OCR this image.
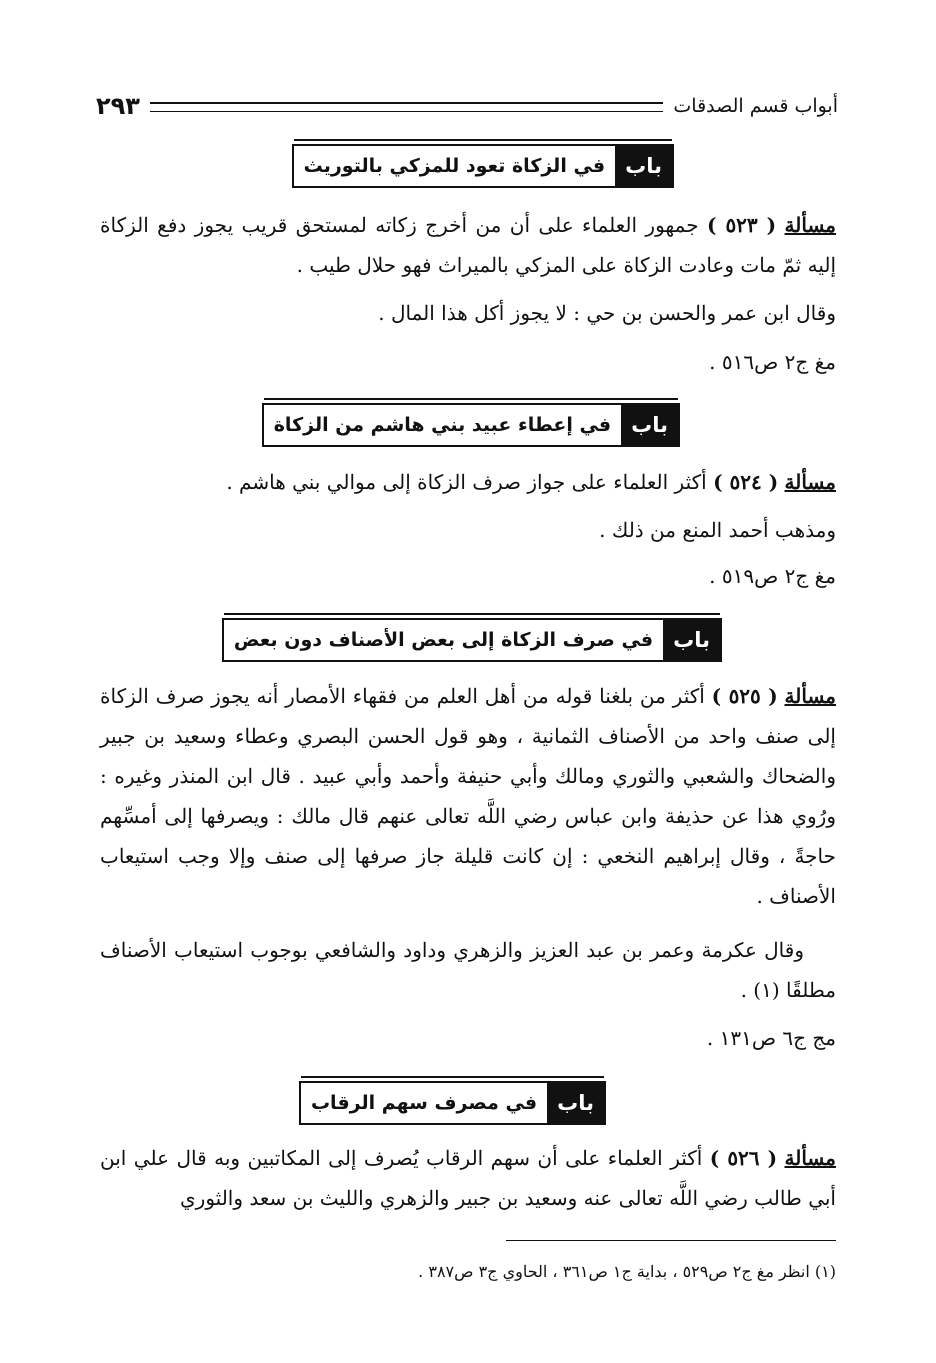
أبواب قسم الصدقات
٢٩٣
باب
في الزكاة تعود للمزكي بالتوريث
مسألة ( ٥٢٣ ) جمهور العلماء على أن من أخرج زكاته لمستحق قريب يجوز دفع الزكاة إليه ثمّ مات وعادت الزكاة على المزكي بالميراث فهو حلال طيب .
وقال ابن عمر والحسن بن حي : لا يجوز أكل هذا المال .
مغ ج٢ ص٥١٦ .
باب
في إعطاء عبيد بني هاشم من الزكاة
مسألة ( ٥٢٤ ) أكثر العلماء على جواز صرف الزكاة إلى موالي بني هاشم .
ومذهب أحمد المنع من ذلك .
مغ ج٢ ص٥١٩ .
باب
في صرف الزكاة إلى بعض الأصناف دون بعض
مسألة ( ٥٢٥ ) أكثر من بلغنا قوله من أهل العلم من فقهاء الأمصار أنه يجوز صرف الزكاة إلى صنف واحد من الأصناف الثمانية ، وهو قول الحسن البصري وعطاء وسعيد بن جبير والضحاك والشعبي والثوري ومالك وأبي حنيفة وأحمد وأبي عبيد . قال ابن المنذر وغيره : ورُوي هذا عن حذيفة وابن عباس رضي اللَّه تعالى عنهم قال مالك : ويصرفها إلى أمسِّهم حاجةً ، وقال إبراهيم النخعي : إن كانت قليلة جاز صرفها إلى صنف وإلا وجب استيعاب الأصناف .
وقال عكرمة وعمر بن عبد العزيز والزهري وداود والشافعي بوجوب استيعاب الأصناف مطلقًا (١) .
مج ج٦ ص١٣١ .
باب
في مصرف سهم الرقاب
مسألة ( ٥٢٦ ) أكثر العلماء على أن سهم الرقاب يُصرف إلى المكاتبين وبه قال علي ابن أبي طالب رضي اللَّه تعالى عنه وسعيد بن جبير والزهري والليث بن سعد والثوري
(١) انظر مغ ج٢ ص٥٢٩ ، بداية ج١ ص٣٦١ ، الحاوي ج٣ ص٣٨٧ .
